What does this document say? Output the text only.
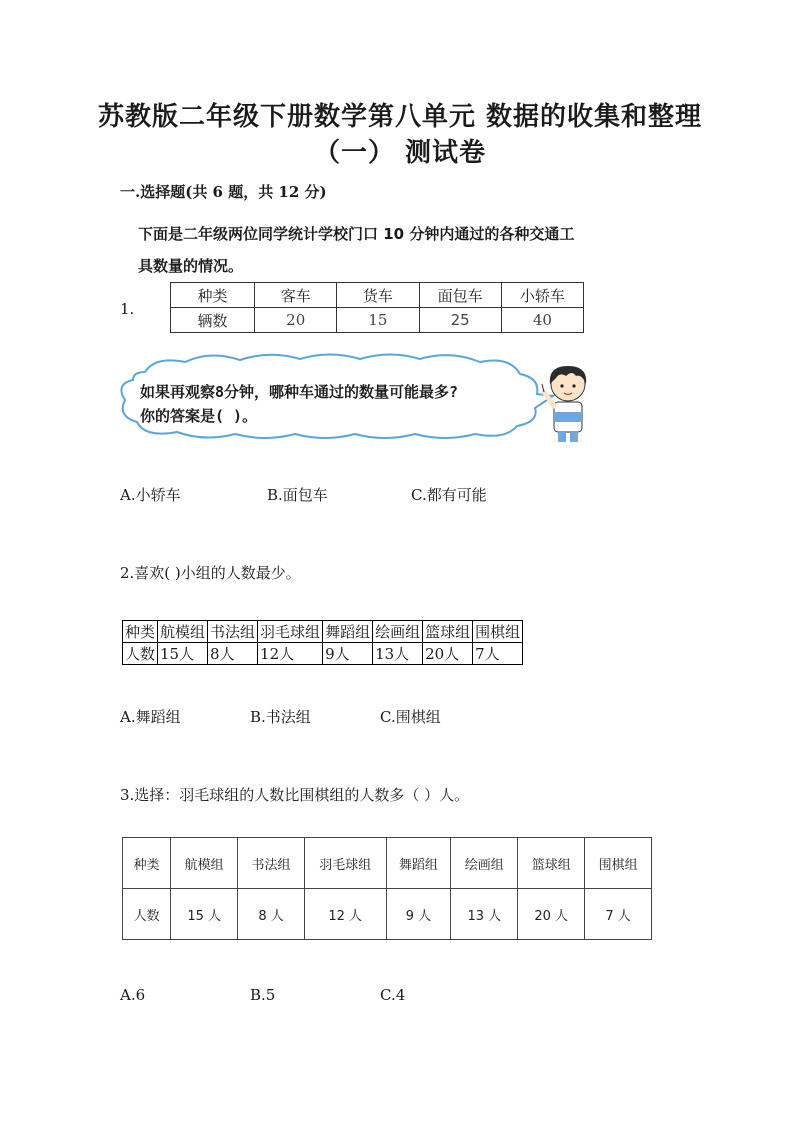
苏教版二年级下册数学第八单元 数据的收集和整理
（一） 测试卷
一.选择题(共 6 题，共 12 分)
下面是二年级两位同学统计学校门口 10 分钟内通过的各种交通工
具数量的情况。
1.
种类	客车	货车	面包车	小轿车
辆数	20	15	25	40
如果再观察8分钟，哪种车通过的数量可能最多?
你的答案是( )。
A.小轿车	B.面包车	C.都有可能
2.喜欢( )小组的人数最少。
种类	航模组	书法组	羽毛球组	舞蹈组	绘画组	篮球组	围棋组
人数	15人	8人	12人	9人	13人	20人	7人
A.舞蹈组	B.书法组	C.围棋组
3.选择：羽毛球组的人数比围棋组的人数多（ ）人。
种类	航模组	书法组	羽毛球组	舞蹈组	绘画组	篮球组	围棋组
人数	15 人	8 人	12 人	9 人	13 人	20 人	7 人
A.6	B.5	C.4
